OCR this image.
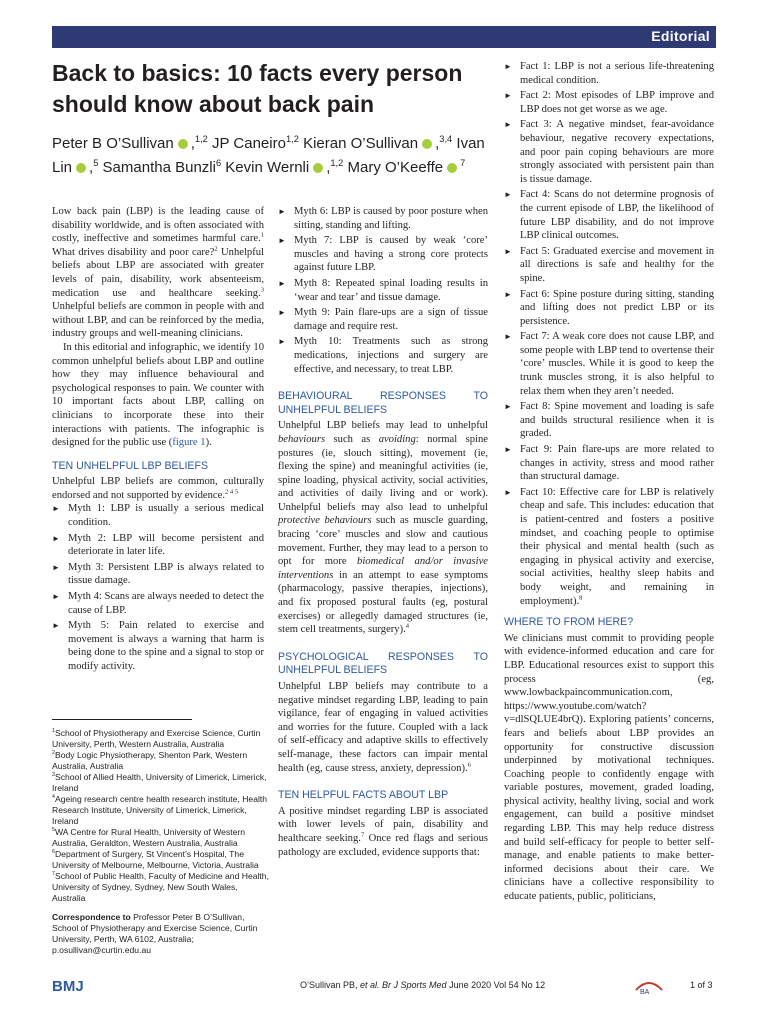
Editorial
Back to basics: 10 facts every person should know about back pain
Peter B O’Sullivan ,$^{1,2}$ JP Caneiro$^{1,2}$ Kieran O’Sullivan ,$^{3,4}$ Ivan Lin ,$^5$ Samantha Bunzli$^6$ Kevin Wernli ,$^{1,2}$ Mary O’Keeffe $^7$

Low back pain (LBP) is the leading cause of disability worldwide, and is often associated with costly, ineffective and sometimes harmful care.$^1$ What drives disability and poor care?$^2$ Unhelpful beliefs about LBP are associated with greater levels of pain, disability, work absenteeism, medication use and healthcare seeking.$^3$ Unhelpful beliefs are common in people with and without LBP, and can be reinforced by the media, industry groups and well-meaning clinicians.

In this editorial and infographic, we identify 10 common unhelpful beliefs about LBP and outline how they may influence behavioural and psychological responses to pain. We counter with 10 important facts about LBP, calling on clinicians to incorporate these into their interactions with patients. The infographic is designed for the public use (figure 1).

TEN UNHELPFUL LBP BELIEFS

Unhelpful LBP beliefs are common, culturally endorsed and not supported by evidence.$^{2 4 5}$

► Myth 1: LBP is usually a serious medical condition.
► Myth 2: LBP will become persistent and deteriorate in later life.
► Myth 3: Persistent LBP is always related to tissue damage.
► Myth 4: Scans are always needed to detect the cause of LBP.
► Myth 5: Pain related to exercise and movement is always a warning that harm is being done to the spine and a signal to stop or modify activity.

$^1$School of Physiotherapy and Exercise Science, Curtin University, Perth, Western Australia, Australia

$^2$Body Logic Physiotherapy, Shenton Park, Western Australia, Australia

$^3$School of Allied Health, University of Limerick, Limerick, Ireland

$^4$Ageing research centre health research institute, Health Research Institute, University of Limerick, Limerick, Ireland

$^5$WA Centre for Rural Health, University of Western Australia, Geraldton, Western Australia, Australia

$^6$Department of Surgery, St Vincent’s Hospital, The University of Melbourne, Melbourne, Victoria, Australia

$^7$School of Public Health, Faculty of Medicine and Health, University of Sydney, Sydney, New South Wales, Australia

Correspondence to Professor Peter B O’Sullivan, School of Physiotherapy and Exercise Science, Curtin University, Perth, WA 6102, Australia; p.osullivan@curtin.edu.au

► Myth 6: LBP is caused by poor posture when sitting, standing and lifting.
► Myth 7: LBP is caused by weak ‘core’ muscles and having a strong core protects against future LBP.
► Myth 8: Repeated spinal loading results in ‘wear and tear’ and tissue damage.
► Myth 9: Pain flare-ups are a sign of tissue damage and require rest.
► Myth 10: Treatments such as strong medications, injections and surgery are effective, and necessary, to treat LBP.
BEHAVIOURAL RESPONSES TO UNHELPFUL BELIEFS

Unhelpful LBP beliefs may lead to unhelpful behaviours such as avoiding: normal spine postures (ie, slouch sitting), movement (ie, flexing the spine) and meaningful activities (ie, spine loading, physical activity, social activities, and activities of daily living and or work). Unhelpful beliefs may also lead to unhelpful protective behaviours such as muscle guarding, bracing ‘core’ muscles and slow and cautious movement. Further, they may lead to a person to opt for more biomedical and/or invasive interventions in an attempt to ease symptoms (pharmacology, passive therapies, injections), and fix proposed postural faults (eg, postural exercises) or allegedly damaged structures (ie, stem cell treatments, surgery).$^4$

PSYCHOLOGICAL RESPONSES TO UNHELPFUL BELIEFS

Unhelpful LBP beliefs may contribute to a negative mindset regarding LBP, leading to pain vigilance, fear of engaging in valued activities and worries for the future. Coupled with a lack of self-efficacy and adaptive skills to effectively self-manage, these factors can impair mental health (eg, cause stress, anxiety, depression).$^6$

TEN HELPFUL FACTS ABOUT LBP

A positive mindset regarding LBP is associated with lower levels of pain, disability and healthcare seeking.$^7$ Once red flags and serious pathology are excluded, evidence supports that:

► Fact 1: LBP is not a serious life-threatening medical condition.
► Fact 2: Most episodes of LBP improve and LBP does not get worse as we age.
► Fact 3: A negative mindset, fear-avoidance behaviour, negative recovery expectations, and poor pain coping behaviours are more strongly associated with persistent pain than is tissue damage.
► Fact 4: Scans do not determine prognosis of the current episode of LBP, the likelihood of future LBP disability, and do not improve LBP clinical outcomes.
► Fact 5: Graduated exercise and movement in all directions is safe and healthy for the spine.
► Fact 6: Spine posture during sitting, standing and lifting does not predict LBP or its persistence.
► Fact 7: A weak core does not cause LBP, and some people with LBP tend to overtense their ‘core’ muscles. While it is good to keep the trunk muscles strong, it is also helpful to relax them when they aren’t needed.
► Fact 8: Spine movement and loading is safe and builds structural resilience when it is graded.
► Fact 9: Pain flare-ups are more related to changes in activity, stress and mood rather than structural damage.
► Fact 10: Effective care for LBP is relatively cheap and safe. This includes: education that is patient-centred and fosters a positive mindset, and coaching people to optimise their physical and mental health (such as engaging in physical activity and exercise, social activities, healthy sleep habits and body weight, and remaining in employment).$^8$
WHERE TO FROM HERE?

We clinicians must commit to providing people with evidence-informed education and care for LBP. Educational resources exist to support this process (eg, www.lowbackpaincommunication.com, https://www.youtube.com/watch?v=dlSQLUE4brQ). Exploring patients’ concerns, fears and beliefs about LBP provides an opportunity for constructive discussion underpinned by motivational techniques. Coaching people to confidently engage with variable postures, movement, graded loading, physical activity, healthy living, social and work engagement, can build a positive mindset regarding LBP. This may help reduce distress and build self-efficacy for people to better self-manage, and enable patients to make better-informed decisions about their care. We clinicians have a collective responsibility to educate patients, public, politicians,

BMJ	O’Sullivan PB, et al. Br J Sports Med June 2020 Vol 54 No 12
BA
1 of 3
